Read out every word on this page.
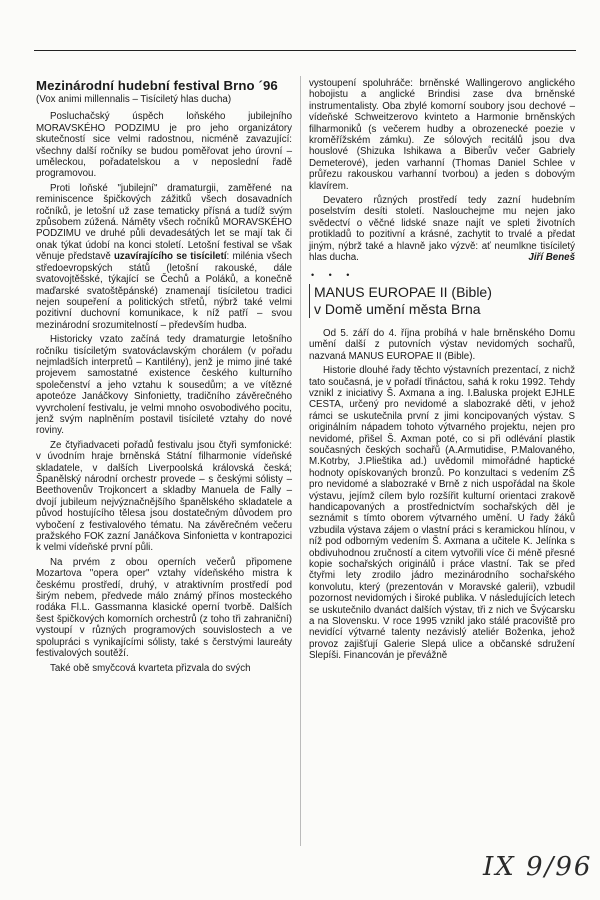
Mezinárodní hudební festival Brno ´96
(Vox animi millennalis – Tisíciletý hlas ducha)

Posluchačský úspěch loňského jubilejního MORAVSKÉHO PODZIMU je pro jeho organizátory skutečností sice velmi radostnou, nicméně zavazující: všechny další ročníky se budou poměřovat jeho úrovní – uměleckou, pořadatelskou a v neposlední řadě programovou.

Proti loňské "jubilejní" dramaturgii, zaměřené na reminiscence špičkových zážitků všech dosavadních ročníků, je letošní už zase tematicky přísná a tudíž svým způsobem zúžená. Náměty všech ročníků MORAVSKÉHO PODZIMU ve druhé půli devadesátých let se mají tak či onak týkat údobí na konci století. Letošní festival se však věnuje představě uzavírajícího se tisíciletí: milénia všech středoevropských států (letošní rakouské, dále svatovojtěšské, týkající se Čechů a Poláků, a konečně maďarské svatoštěpánské) znamenají tisíciletou tradici nejen soupeření a politických střetů, nýbrž také velmi pozitivní duchovní komunikace, k níž patří – svou mezinárodní srozumitelností – především hudba.

Historicky vzato začíná tedy dramaturgie letošního ročníku tisíciletým svatováclavským chorálem (v pořadu nejmladších interpretů – Kantilény), jenž je mimo jiné také projevem samostatné existence českého kulturního společenství a jeho vztahu k sousedům; a ve vítězné apoteóze Janáčkovy Sinfonietty, tradičního závěrečného vyvrcholení festivalu, je velmi mnoho osvobodivého pocitu, jenž svým naplněním postavil tisícileté vztahy do nové roviny.

Ze čtyřiadvaceti pořadů festivalu jsou čtyři symfonické: v úvodním hraje brněnská Státní filharmonie vídeňské skladatele, v dalších Liverpoolská královská česká; Španělský národní orchestr provede – s českými sólisty – Beethovenův Trojkoncert a skladby Manuela de Fally – dvojí jubileum nejvýznačnějšího španělského skladatele a původ hostujícího tělesa jsou dostatečným důvodem pro vybočení z festivalového tématu. Na závěrečném večeru pražského FOK zazní Janáčkova Sinfonietta v kontrapozici k velmi vídeňské první půli.

Na prvém z obou operních večerů připomene Mozartova "opera oper" vztahy vídeňského mistra k českému prostředí, druhý, v atraktivním prostředí pod širým nebem, předvede málo známý přínos mosteckého rodáka Fl.L. Gassmanna klasické operní tvorbě. Dalších šest špičkových komorních orchestrů (z toho tři zahraniční) vystoupí v různých programových souvislostech a ve spolupráci s vynikajícími sólisty, také s čerstvými laureáty festivalových soutěží.

Také obě smyčcová kvarteta přizvala do svých

vystoupení spoluhráče: brněnské Wallingerovo anglického hobojistu a anglické Brindisi zase dva brněnské instrumentalisty. Oba zbylé komorní soubory jsou dechové – vídeňské Schweitzerovo kvinteto a Harmonie brněnských filharmoniků (s večerem hudby a obrozenecké poezie v kroměřížském zámku). Ze sólových recitálů jsou dva houslové (Shizuka Ishikawa a Biberův večer Gabriely Demeterové), jeden varhanní (Thomas Daniel Schlee v průřezu rakouskou varhanní tvorbou) a jeden s dobovým klavírem.

Devatero různých prostředí tedy zazní hudebním poselstvím desíti století. Naslouchejme mu nejen jako svědectví o věčné lidské snaze najít ve spleti životních protikladů to pozitivní a krásné, zachytit to trvalé a předat jiným, nýbrž také a hlavně jako výzvě: ať neumlkne tisíciletý hlas ducha.	Jiří Beneš
• • •
MANUS EUROPAE II (Bible)
v Domě umění města Brna

Od 5. září do 4. října probíhá v hale brněnského Domu umění další z putovních výstav nevidomých sochařů, nazvaná MANUS EUROPAE II (Bible).

Historie dlouhé řady těchto výstavních prezentací, z nichž tato současná, je v pořadí třináctou, sahá k roku 1992. Tehdy vznikl z iniciativy Š. Axmana a ing. I.Baluska projekt EJHLE CESTA, určený pro nevidomé a slabozraké děti, v jehož rámci se uskutečnila první z jimi koncipovaných výstav. S originálním nápadem tohoto výtvarného projektu, nejen pro nevidomé, přišel Š. Axman poté, co si při odlévání plastik současných českých sochařů (A.Armutidise, P.Malovaného, M.Kotrby, J.Plieštika ad.) uvědomil mimořádné haptické hodnoty opískovaných bronzů. Po konzultaci s vedením ZŠ pro nevidomé a slabozraké v Brně z nich uspořádal na škole výstavu, jejímž cílem bylo rozšířit kulturní orientaci zrakově handicapovaných a prostřednictvím sochařských děl je seznámit s tímto oborem výtvarného umění. U řady žáků vzbudila výstava zájem o vlastní práci s keramickou hlínou, v níž pod odborným vedením Š. Axmana a učitele K. Jelínka s obdivuhodnou zručností a citem vytvořili více či méně přesné kopie sochařských originálů i práce vlastní. Tak se před čtyřmi lety zrodilo jádro mezinárodního sochařského konvolutu, který (prezentován v Moravské galerii), vzbudil pozornost nevidomých i široké publika. V následujících letech se uskutečnilo dvanáct dalších výstav, tři z nich ve Švýcarsku a na Slovensku. V roce 1995 vznikl jako stálé pracoviště pro nevidící výtvarné talenty nezávislý ateliér Boženka, jehož provoz zajišťují Galerie Slepá ulice a občanské sdružení Slepíši. Financován je převážně

IX 9/96
